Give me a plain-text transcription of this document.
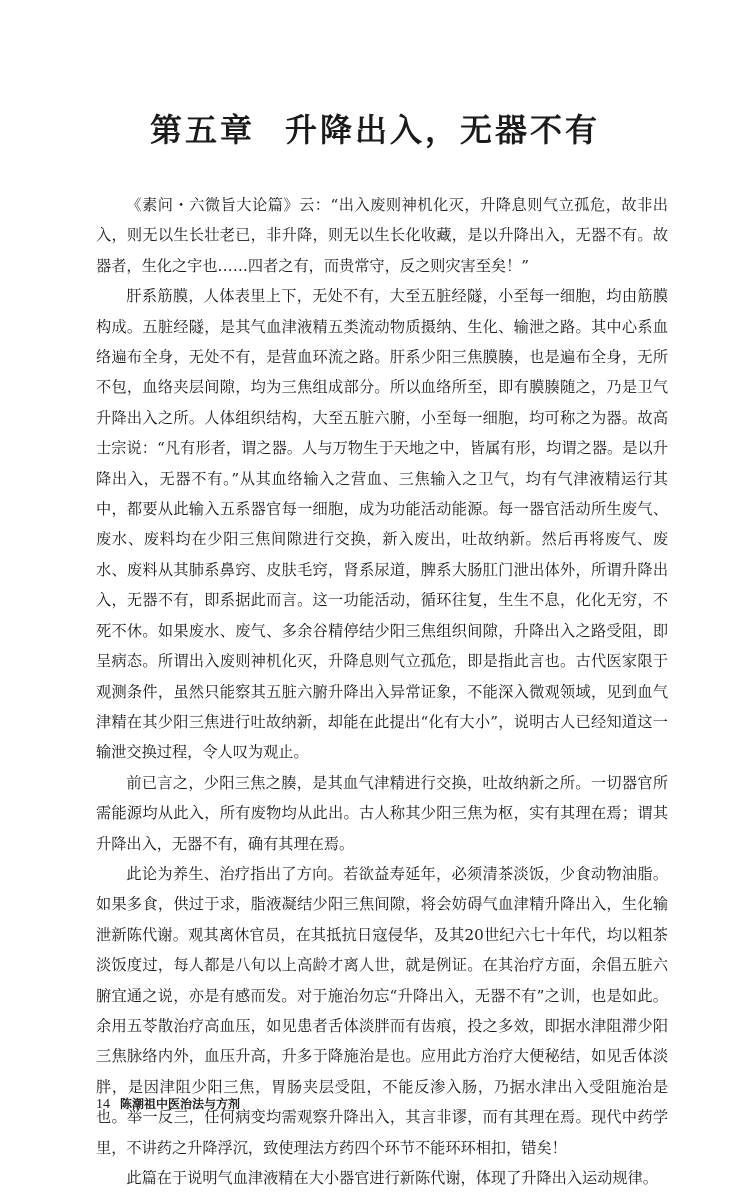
第五章 升降出入，无器不有

《素问・六微旨大论篇》云：“出入废则神机化灭，升降息则气立孤危，故非出入，则无以生长壮老已，非升降，则无以生长化收藏，是以升降出入，无器不有。故器者，生化之宇也……四者之有，而贵常守，反之则灾害至矣！”

肝系筋膜，人体表里上下，无处不有，大至五脏经隧，小至每一细胞，均由筋膜构成。五脏经隧，是其气血津液精五类流动物质摄纳、生化、输泄之路。其中心系血络遍布全身，无处不有，是营血环流之路。肝系少阳三焦膜腠，也是遍布全身，无所不包，血络夹层间隙，均为三焦组成部分。所以血络所至，即有膜腠随之，乃是卫气升降出入之所。人体组织结构，大至五脏六腑，小至每一细胞，均可称之为器。故高士宗说：“凡有形者，谓之器。人与万物生于天地之中，皆属有形，均谓之器。是以升降出入，无器不有。”从其血络输入之营血、三焦输入之卫气，均有气津液精运行其中，都要从此输入五系器官每一细胞，成为功能活动能源。每一器官活动所生废气、废水、废料均在少阳三焦间隙进行交换，新入废出，吐故纳新。然后再将废气、废水、废料从其肺系鼻窍、皮肤毛窍，肾系尿道，脾系大肠肛门泄出体外，所谓升降出入，无器不有，即系据此而言。这一功能活动，循环往复，生生不息，化化无穷，不死不休。如果废水、废气、多余谷精停结少阳三焦组织间隙，升降出入之路受阻，即呈病态。所谓出入废则神机化灭，升降息则气立孤危，即是指此言也。古代医家限于观测条件，虽然只能察其五脏六腑升降出入异常证象，不能深入微观领域，见到血气津精在其少阳三焦进行吐故纳新，却能在此提出“化有大小”，说明古人已经知道这一输泄交换过程，令人叹为观止。

前已言之，少阳三焦之腠，是其血气津精进行交换，吐故纳新之所。一切器官所需能源均从此入，所有废物均从此出。古人称其少阳三焦为枢，实有其理在焉；谓其升降出入，无器不有，确有其理在焉。

此论为养生、治疗指出了方向。若欲益寿延年，必须清茶淡饭，少食动物油脂。如果多食，供过于求，脂液凝结少阳三焦间隙，将会妨碍气血津精升降出入，生化输泄新陈代谢。观其离休官员，在其抵抗日寇侵华，及其20世纪六七十年代，均以粗茶淡饭度过，每人都是八旬以上高龄才离人世，就是例证。在其治疗方面，余倡五脏六腑宜通之说，亦是有感而发。对于施治勿忘“升降出入，无器不有”之训，也是如此。余用五苓散治疗高血压，如见患者舌体淡胖而有齿痕，投之多效，即据水津阻滞少阳三焦脉络内外，血压升高，升多于降施治是也。应用此方治疗大便秘结，如见舌体淡胖，是因津阻少阳三焦，胃肠夹层受阻，不能反渗入肠，乃据水津出入受阻施治是也。举一反三，任何病变均需观察升降出入，其言非谬，而有其理在焉。现代中药学里，不讲药之升降浮沉，致使理法方药四个环节不能环环相扣，错矣！

此篇在于说明气血津液精在大小器官进行新陈代谢，体现了升降出入运动规律。

14 陈潮祖中医治法与方剂
